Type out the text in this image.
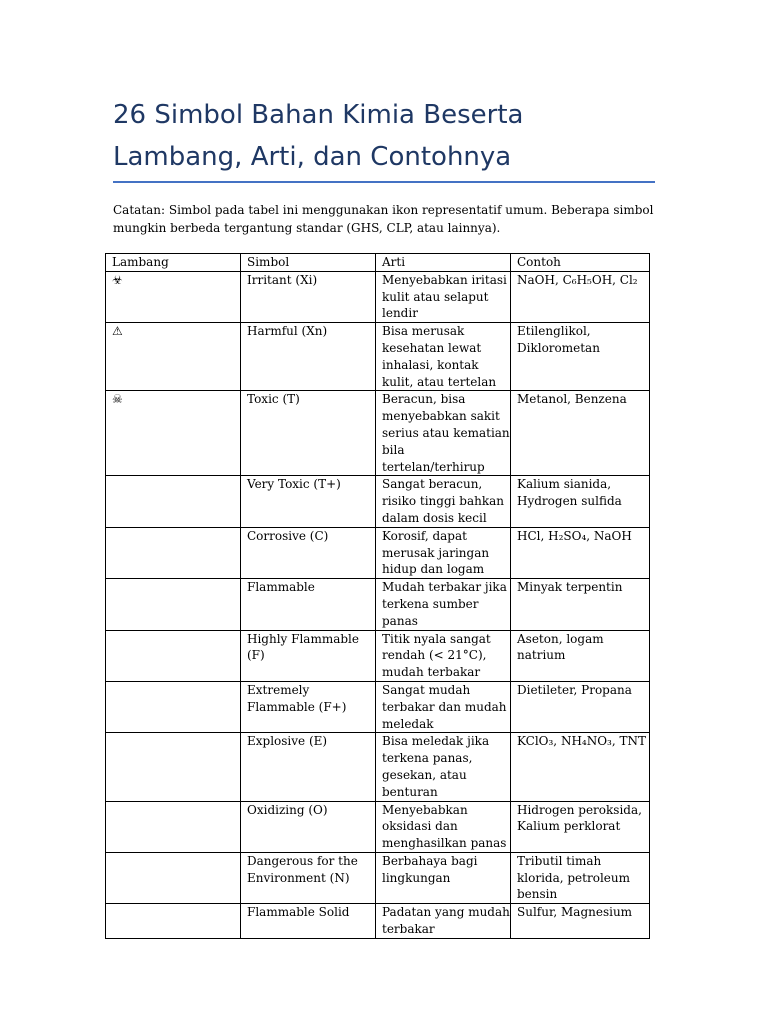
26 Simbol Bahan Kimia Beserta Lambang, Arti, dan Contohnya

Catatan: Simbol pada tabel ini menggunakan ikon representatif umum. Beberapa simbol mungkin berbeda tergantung standar (GHS, CLP, atau lainnya).

Lambang	Simbol	Arti	Contoh
☣	Irritant (Xi)	Menyebabkan iritasi kulit atau selaput lendir	NaOH, C₆H₅OH, Cl₂
⚠	Harmful (Xn)	Bisa merusak kesehatan lewat inhalasi, kontak kulit, atau tertelan	Etilenglikol, Diklorometan
☠	Toxic (T)	Beracun, bisa menyebabkan sakit serius atau kematian bila tertelan/terhirup	Metanol, Benzena
	Very Toxic (T+)	Sangat beracun, risiko tinggi bahkan dalam dosis kecil	Kalium sianida, Hydrogen sulfida
	Corrosive (C)	Korosif, dapat merusak jaringan hidup dan logam	HCl, H₂SO₄, NaOH
	Flammable	Mudah terbakar jika terkena sumber panas	Minyak terpentin
	Highly Flammable (F)	Titik nyala sangat rendah (< 21°C), mudah terbakar	Aseton, logam natrium
	Extremely Flammable (F+)	Sangat mudah terbakar dan mudah meledak	Dietileter, Propana
	Explosive (E)	Bisa meledak jika terkena panas, gesekan, atau benturan	KClO₃, NH₄NO₃, TNT
	Oxidizing (O)	Menyebabkan oksidasi dan menghasilkan panas	Hidrogen peroksida, Kalium perklorat
	Dangerous for the Environment (N)	Berbahaya bagi lingkungan	Tributil timah klorida, petroleum bensin
	Flammable Solid	Padatan yang mudah terbakar	Sulfur, Magnesium
